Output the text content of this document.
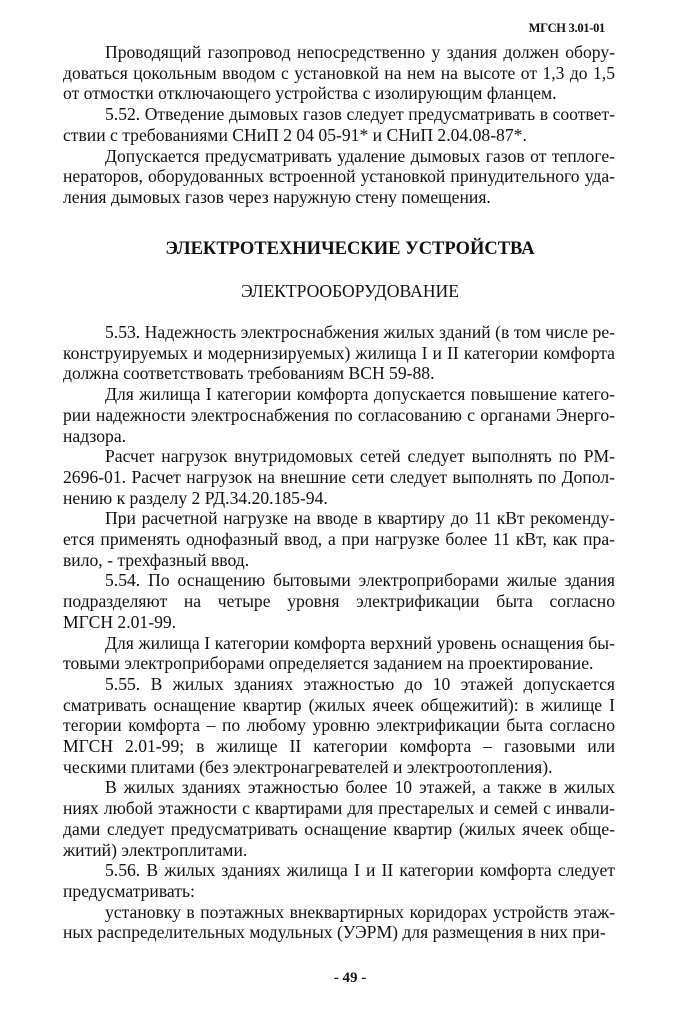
МГСН 3.01-01
Проводящий газопровод непосредственно у здания должен обору-
доваться цокольным вводом с установкой на нем на высоте от 1,3 до 1,5
от отмостки отключающего устройства с изолирующим фланцем.
5.52. Отведение дымовых газов следует предусматривать в соответ-
ствии с требованиями СНиП 2 04 05-91* и СНиП 2.04.08-87*.
Допускается предусматривать удаление дымовых газов от теплоге-
нераторов, оборудованных встроенной установкой принудительного уда-
ления дымовых газов через наружную стену помещения.
ЭЛЕКТРОТЕХНИЧЕСКИЕ УСТРОЙСТВА
ЭЛЕКТРООБОРУДОВАНИЕ
5.53. Надежность электроснабжения жилых зданий (в том числе ре-
конструируемых и модернизируемых) жилища I и II категории комфорта
должна соответствовать требованиям ВСН 59-88.
Для жилища I категории комфорта допускается повышение катего-
рии надежности электроснабжения по согласованию с органами Энерго-
надзора.
Расчет нагрузок внутридомовых сетей следует выполнять по РМ-
2696-01. Расчет нагрузок на внешние сети следует выполнять по Допол-
нению к разделу 2 РД.34.20.185-94.
При расчетной нагрузке на вводе в квартиру до 11 кВт рекоменду-
ется применять однофазный ввод, а при нагрузке более 11 кВт, как пра-
вило, - трехфазный ввод.
5.54. По оснащению бытовыми электроприборами жилые здания
подразделяют на четыре уровня электрификации быта согласно
МГСН 2.01-99.
Для жилища I категории комфорта верхний уровень оснащения бы-
товыми электроприборами определяется заданием на проектирование.
5.55. В жилых зданиях этажностью до 10 этажей допускается
сматривать оснащение квартир (жилых ячеек общежитий): в жилище I
тегории комфорта – по любому уровню электрификации быта согласно
МГСН 2.01-99; в жилище II категории комфорта – газовыми или
ческими плитами (без электронагревателей и электроотопления).
В жилых зданиях этажностью более 10 этажей, а также в жилых
ниях любой этажности с квартирами для престарелых и семей с инвали-
дами следует предусматривать оснащение квартир (жилых ячеек обще-
житий) электроплитами.
5.56. В жилых зданиях жилища I и II категории комфорта следует
предусматривать:
установку в поэтажных внеквартирных коридорах устройств этаж-
ных распределительных модульных (УЭРМ) для размещения в них при-
- 49 -
